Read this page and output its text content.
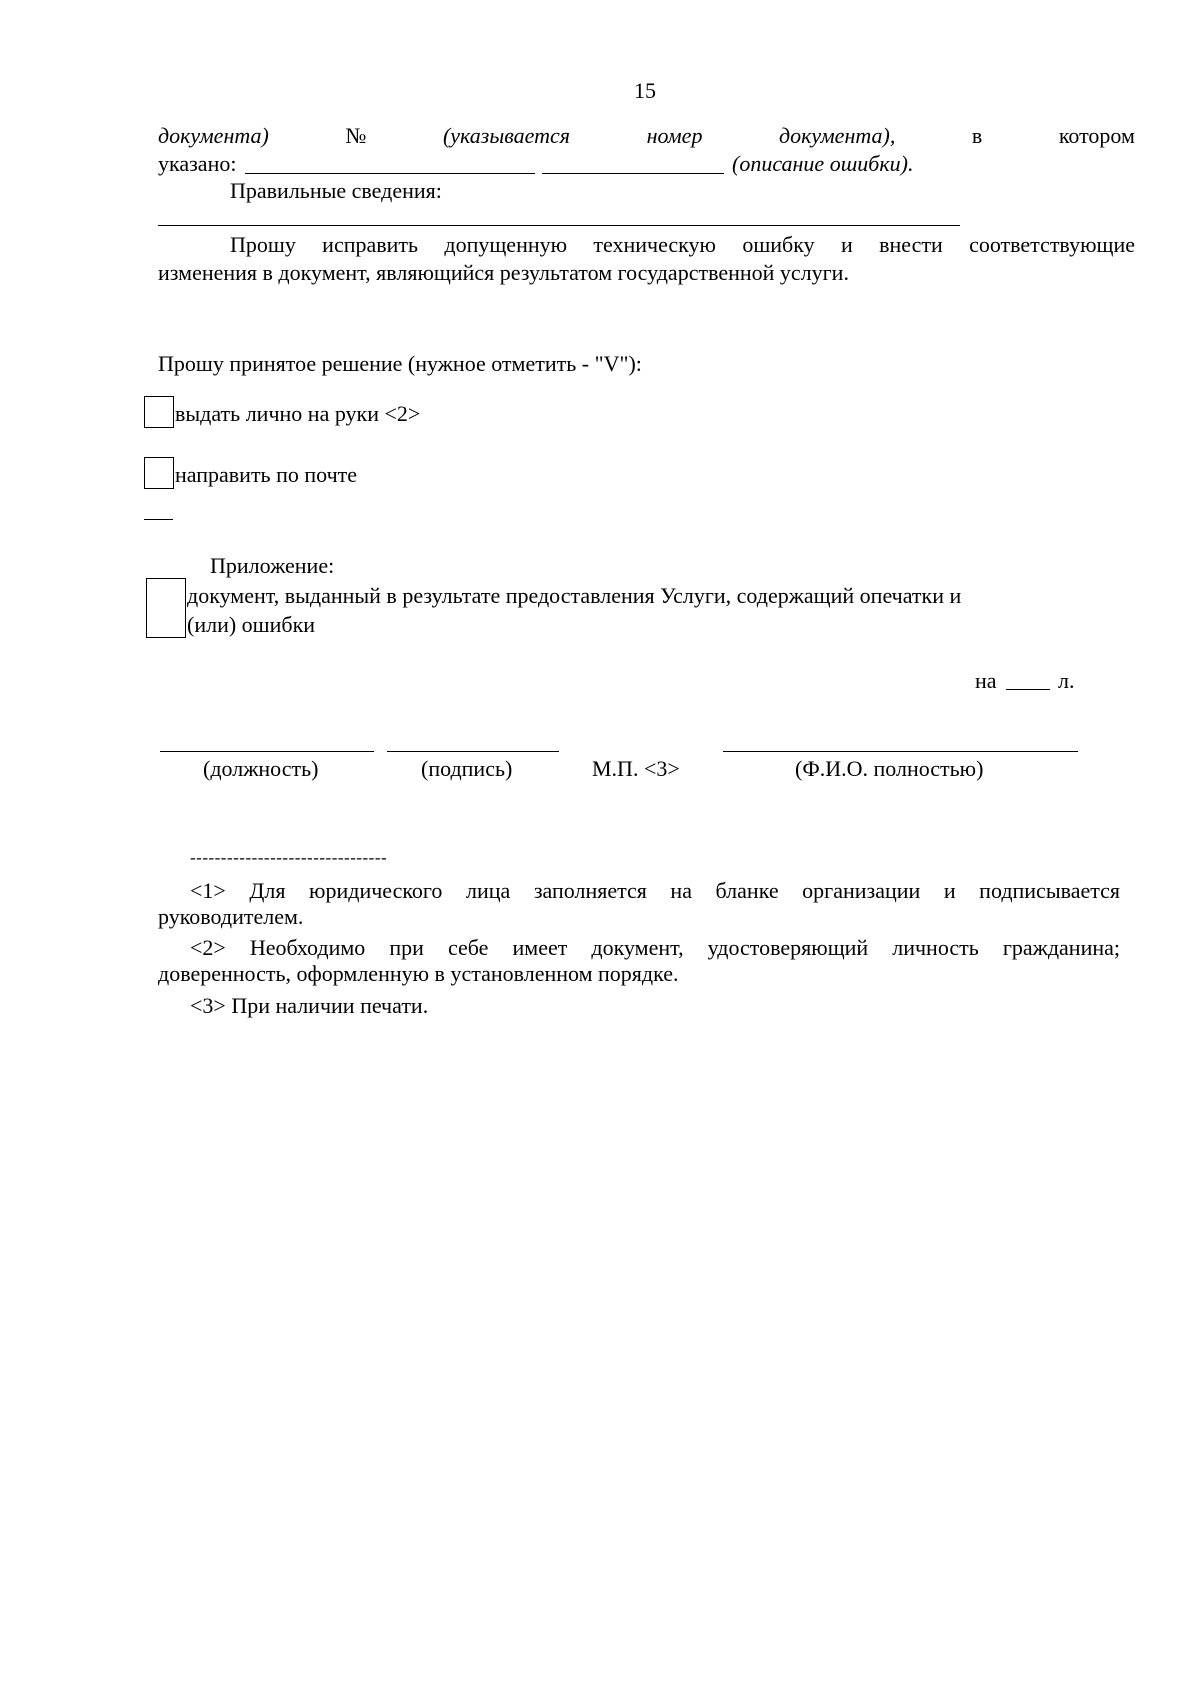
15
документа)	№	(указывается	номер	документа),	в	котором
указано:	(описание ошибки).
Правильные сведения:
Прошу исправить допущенную техническую ошибку и внести соответствующие
изменения в документ, являющийся результатом государственной услуги.
Прошу принятое решение (нужное отметить - "V"):
выдать лично на руки <2>
направить по почте
Приложение:
документ, выданный в результате предоставления Услуги, содержащий опечатки и
(или) ошибки
на	л.
(должность)	(подпись)	М.П. <3>	(Ф.И.О. полностью)
--------------------------------
<1> Для юридического лица заполняется на бланке организации и подписывается
руководителем.
<2> Необходимо при себе имеет документ, удостоверяющий личность гражданина;
доверенность, оформленную в установленном порядке.
<3> При наличии печати.
